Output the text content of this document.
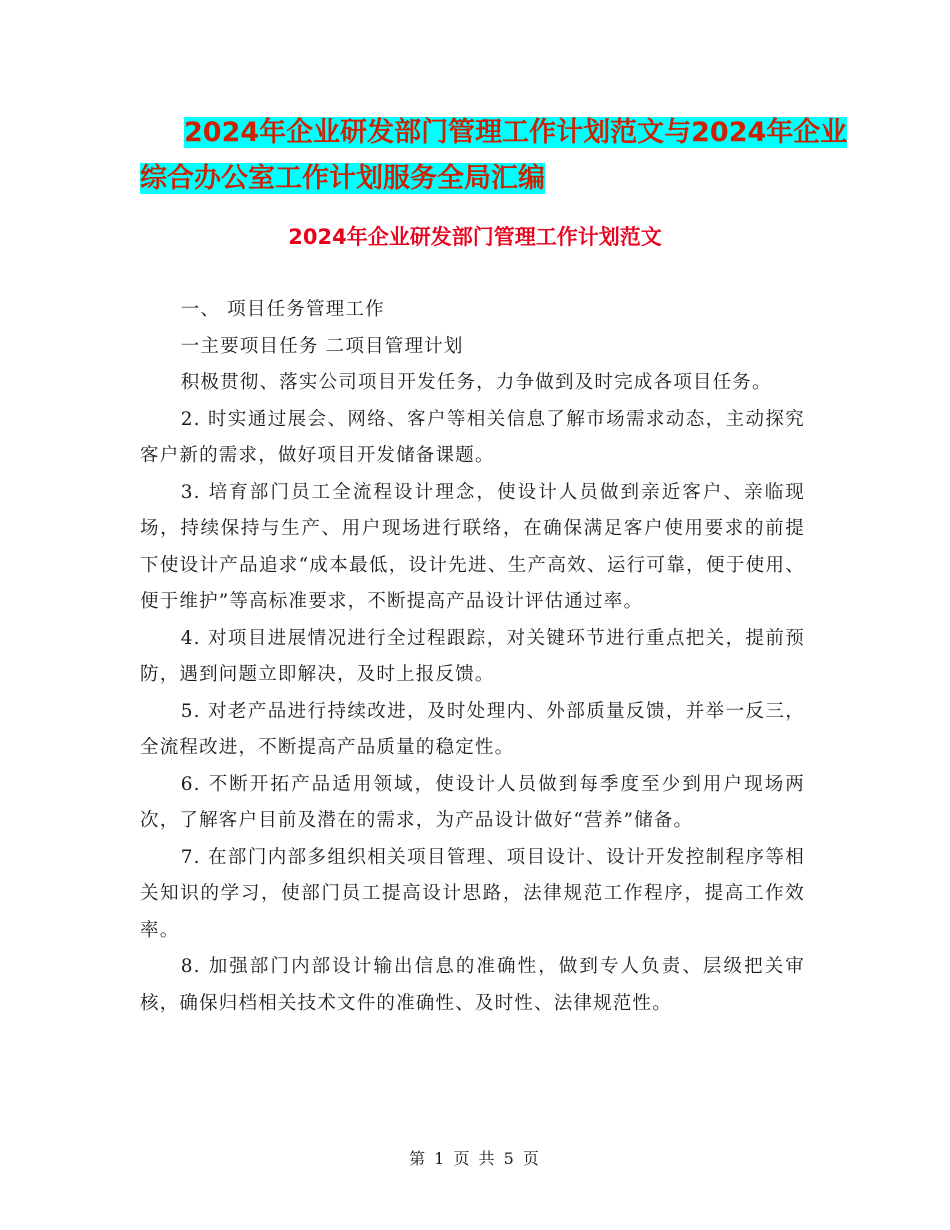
2024年企业研发部门管理工作计划范文与2024年企业
综合办公室工作计划服务全局汇编
2024年企业研发部门管理工作计划范文

一、 项目任务管理工作

一主要项目任务 二项目管理计划

积极贯彻、落实公司项目开发任务，力争做到及时完成各项目任务。

2. 时实通过展会、网络、客户等相关信息了解市场需求动态，主动探究客户新的需求，做好项目开发储备课题。

3. 培育部门员工全流程设计理念，使设计人员做到亲近客户、亲临现场，持续保持与生产、用户现场进行联络，在确保满足客户使用要求的前提下使设计产品追求“成本最低，设计先进、生产高效、运行可靠，便于使用、便于维护”等高标准要求，不断提高产品设计评估通过率。

4. 对项目进展情况进行全过程跟踪，对关键环节进行重点把关，提前预防，遇到问题立即解决，及时上报反馈。

5. 对老产品进行持续改进，及时处理内、外部质量反馈，并举一反三，全流程改进，不断提高产品质量的稳定性。

6. 不断开拓产品适用领域，使设计人员做到每季度至少到用户现场两次，了解客户目前及潜在的需求，为产品设计做好“营养”储备。

7. 在部门内部多组织相关项目管理、项目设计、设计开发控制程序等相关知识的学习，使部门员工提高设计思路，法律规范工作程序，提高工作效率。

8. 加强部门内部设计输出信息的准确性，做到专人负责、层级把关审核，确保归档相关技术文件的准确性、及时性、法律规范性。

第 1 页 共 5 页
